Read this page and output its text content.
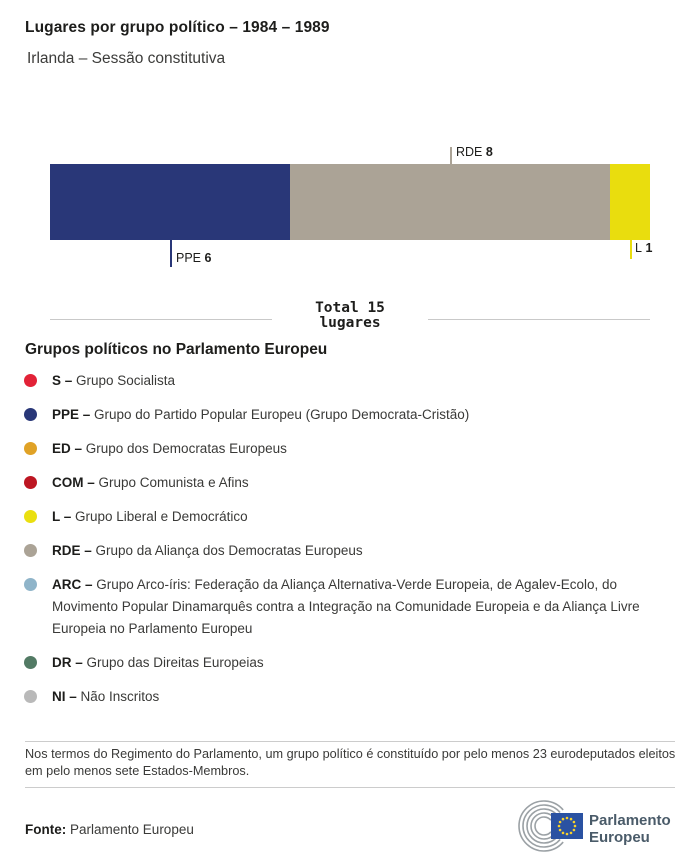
Lugares por grupo político – 1984 – 1989
Irlanda – Sessão constitutiva
PPE 6
RDE 8
L 1
Total 15
lugares
Grupos políticos no Parlamento Europeu
S – Grupo Socialista
PPE – Grupo do Partido Popular Europeu (Grupo Democrata-Cristão)
ED – Grupo dos Democratas Europeus
COM – Grupo Comunista e Afins
L – Grupo Liberal e Democrático
RDE – Grupo da Aliança dos Democratas Europeus
ARC – Grupo Arco-íris: Federação da Aliança Alternativa-Verde Europeia, de Agalev-Ecolo, do Movimento Popular Dinamarquês contra a Integração na Comunidade Europeia e da Aliança Livre Europeia no Parlamento Europeu
DR – Grupo das Direitas Europeias
NI – Não Inscritos
Nos termos do Regimento do Parlamento, um grupo político é constituído por pelo menos 23 eurodeputados eleitos em pelo menos sete Estados-Membros.
Fonte: Parlamento Europeu
Parlamento
Europeu
